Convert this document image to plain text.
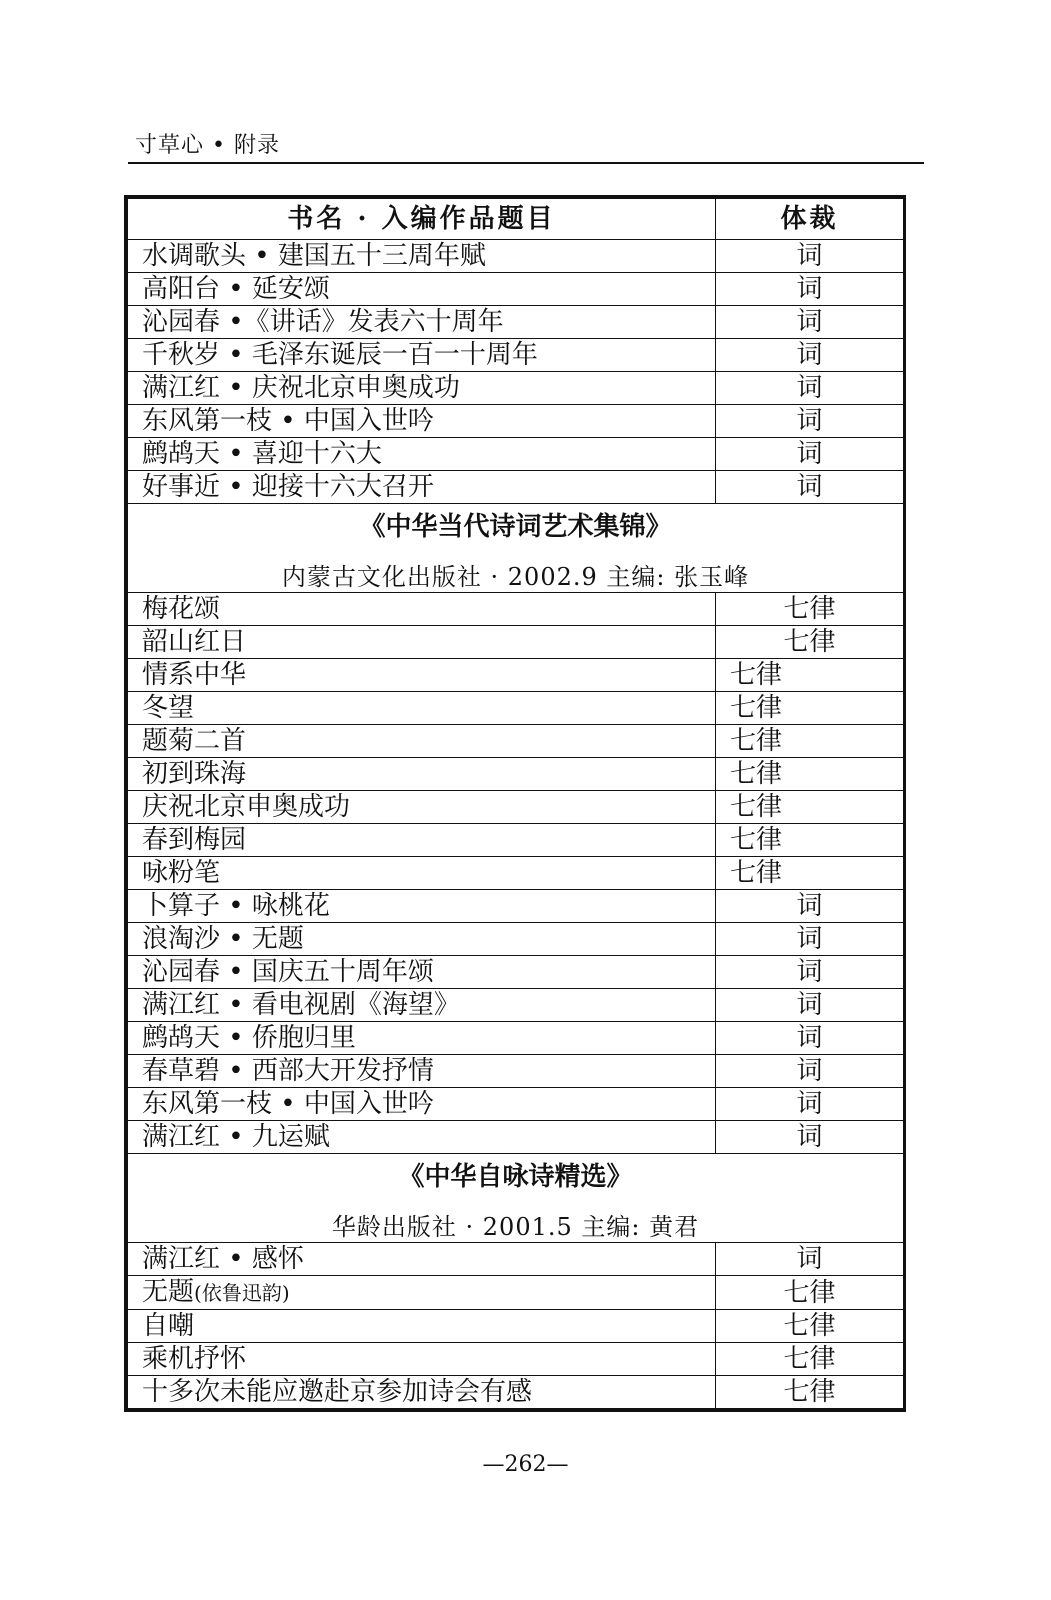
寸草心 • 附录
书名 · 入编作品题目	体裁
水调歌头 • 建国五十三周年赋	词
高阳台 • 延安颂	词
沁园春 •《讲话》发表六十周年	词
千秋岁 • 毛泽东诞辰一百一十周年	词
满江红 • 庆祝北京申奥成功	词
东风第一枝 • 中国入世吟	词
鹧鸪天 • 喜迎十六大	词
好事近 • 迎接十六大召开	词

《中华当代诗词艺术集锦》
内蒙古文化出版社 · 2002.9 主编: 张玉峰	

梅花颂	七律
韶山红日	七律
情系中华	七律
冬望	七律
题菊二首	七律
初到珠海	七律
庆祝北京申奥成功	七律
春到梅园	七律
咏粉笔	七律
卜算子 • 咏桃花	词
浪淘沙 • 无题	词
沁园春 • 国庆五十周年颂	词
满江红 • 看电视剧《海望》	词
鹧鸪天 • 侨胞归里	词
春草碧 • 西部大开发抒情	词
东风第一枝 • 中国入世吟	词
满江红 • 九运赋	词

《中华自咏诗精选》
华龄出版社 · 2001.5 主编: 黄君	

满江红 • 感怀	词
无题(依鲁迅韵)	七律
自嘲	七律
乘机抒怀	七律
十多次未能应邀赴京参加诗会有感	七律
—262—
